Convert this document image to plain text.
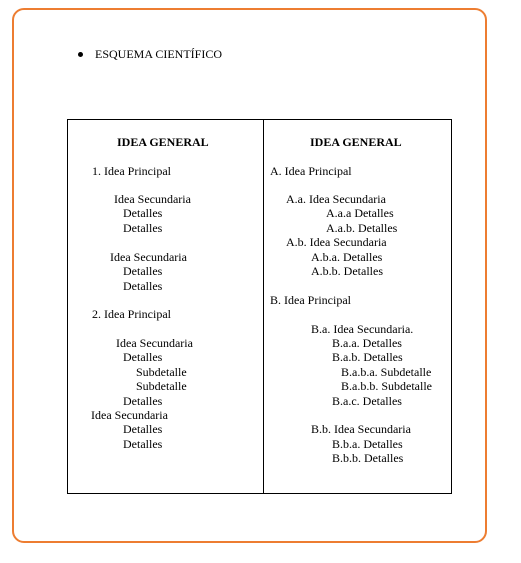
ESQUEMA CIENTÍFICO
IDEA GENERAL
1. Idea Principal
Idea Secundaria
Detalles
Detalles
Idea Secundaria
Detalles
Detalles
2. Idea Principal
Idea Secundaria
Detalles
Subdetalle
Subdetalle
Detalles
Idea Secundaria
Detalles
Detalles
IDEA GENERAL
A. Idea Principal
A.a. Idea Secundaria
A.a.a Detalles
A.a.b. Detalles
A.b. Idea Secundaria
A.b.a. Detalles
A.b.b. Detalles
B. Idea Principal
B.a. Idea Secundaria.
B.a.a. Detalles
B.a.b. Detalles
B.a.b.a. Subdetalle
B.a.b.b. Subdetalle
B.a.c. Detalles
B.b. Idea Secundaria
B.b.a. Detalles
B.b.b. Detalles
